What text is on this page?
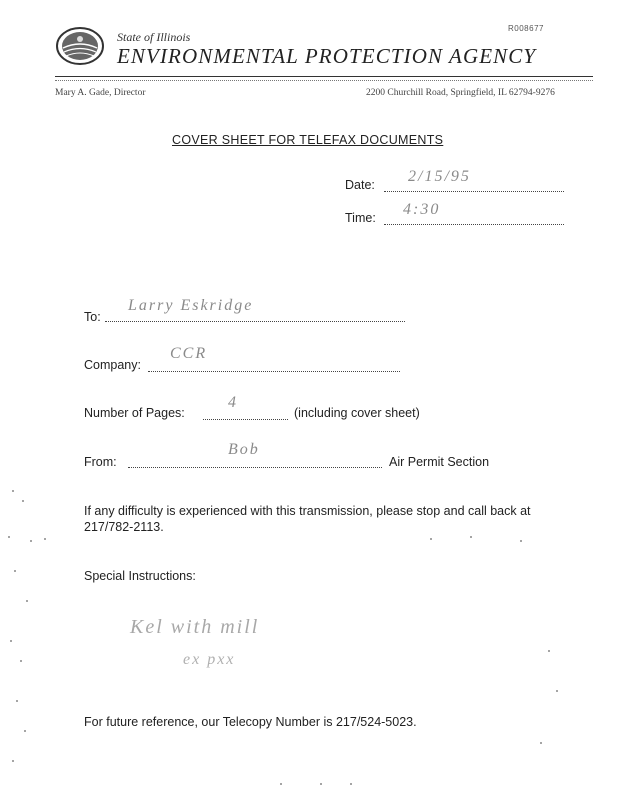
R008677
State of Illinois
ENVIRONMENTAL PROTECTION AGENCY
Mary A. Gade, Director	2200 Churchill Road, Springfield, IL 62794-9276
COVER SHEET FOR TELEFAX DOCUMENTS
Date: 2/15/95
Time: 4:30
To:
Larry Eskridge
Company:
CCR
Number of Pages:
4
(including cover sheet)
From:
Bob
Air Permit Section
If any difficulty is experienced with this transmission, please stop and call back at 217/782-2113.
Special Instructions:
Kel with mill
ex pxx
For future reference, our Telecopy Number is 217/524-5023.
